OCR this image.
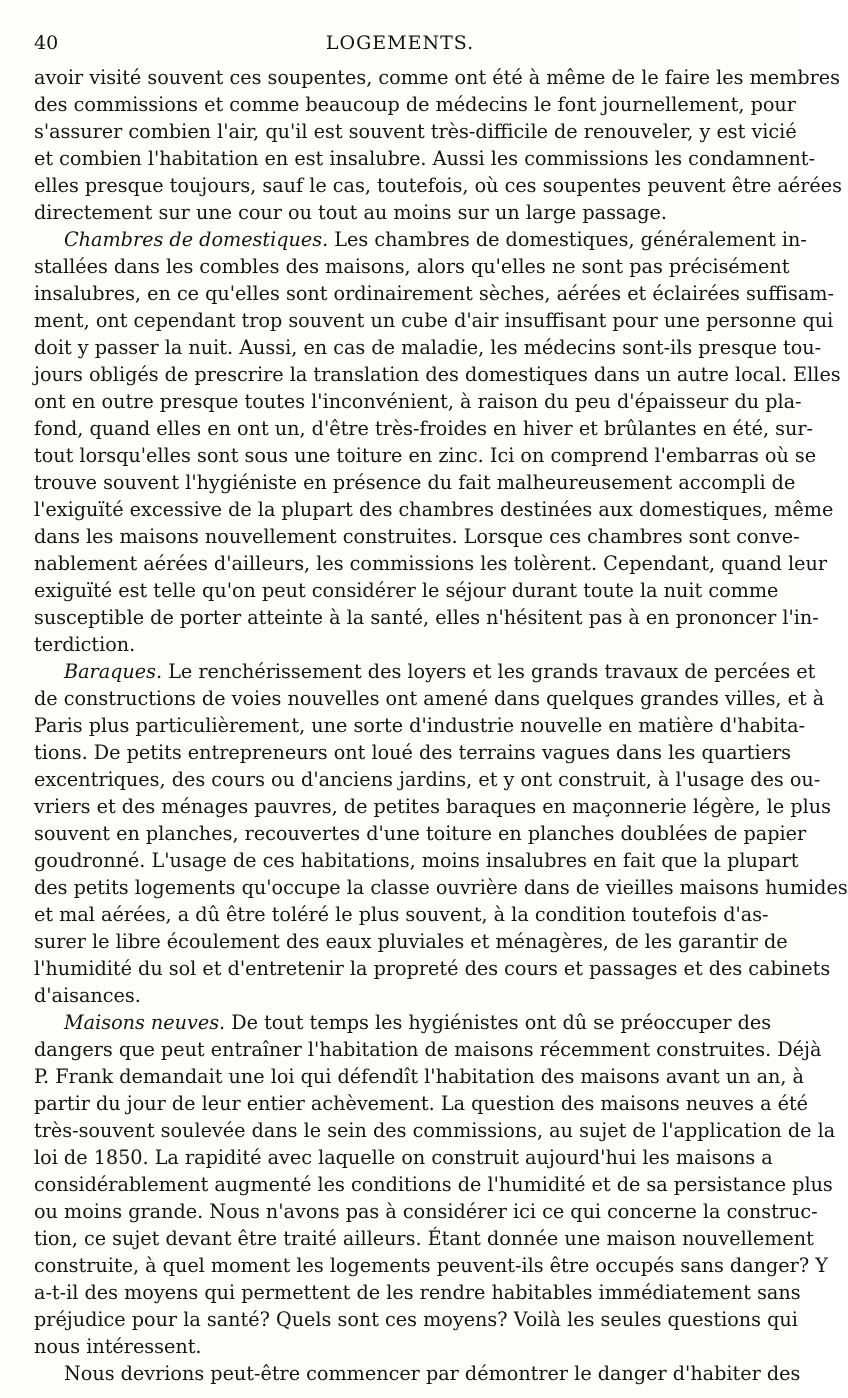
40	LOGEMENTS.
avoir visité souvent ces soupentes, comme ont été à même de le faire les membres
des commissions et comme beaucoup de médecins le font journellement, pour
s'assurer combien l'air, qu'il est souvent très-difficile de renouveler, y est vicié
et combien l'habitation en est insalubre. Aussi les commissions les condamnent-
elles presque toujours, sauf le cas, toutefois, où ces soupentes peuvent être aérées
directement sur une cour ou tout au moins sur un large passage.
Chambres de domestiques. Les chambres de domestiques, généralement in-
stallées dans les combles des maisons, alors qu'elles ne sont pas précisément
insalubres, en ce qu'elles sont ordinairement sèches, aérées et éclairées suffisam-
ment, ont cependant trop souvent un cube d'air insuffisant pour une personne qui
doit y passer la nuit. Aussi, en cas de maladie, les médecins sont-ils presque tou-
jours obligés de prescrire la translation des domestiques dans un autre local. Elles
ont en outre presque toutes l'inconvénient, à raison du peu d'épaisseur du pla-
fond, quand elles en ont un, d'être très-froides en hiver et brûlantes en été, sur-
tout lorsqu'elles sont sous une toiture en zinc. Ici on comprend l'embarras où se
trouve souvent l'hygiéniste en présence du fait malheureusement accompli de
l'exiguïté excessive de la plupart des chambres destinées aux domestiques, même
dans les maisons nouvellement construites. Lorsque ces chambres sont conve-
nablement aérées d'ailleurs, les commissions les tolèrent. Cependant, quand leur
exiguïté est telle qu'on peut considérer le séjour durant toute la nuit comme
susceptible de porter atteinte à la santé, elles n'hésitent pas à en prononcer l'in-
terdiction.
Baraques. Le renchérissement des loyers et les grands travaux de percées et
de constructions de voies nouvelles ont amené dans quelques grandes villes, et à
Paris plus particulièrement, une sorte d'industrie nouvelle en matière d'habita-
tions. De petits entrepreneurs ont loué des terrains vagues dans les quartiers
excentriques, des cours ou d'anciens jardins, et y ont construit, à l'usage des ou-
vriers et des ménages pauvres, de petites baraques en maçonnerie légère, le plus
souvent en planches, recouvertes d'une toiture en planches doublées de papier
goudronné. L'usage de ces habitations, moins insalubres en fait que la plupart
des petits logements qu'occupe la classe ouvrière dans de vieilles maisons humides
et mal aérées, a dû être toléré le plus souvent, à la condition toutefois d'as-
surer le libre écoulement des eaux pluviales et ménagères, de les garantir de
l'humidité du sol et d'entretenir la propreté des cours et passages et des cabinets
d'aisances.
Maisons neuves. De tout temps les hygiénistes ont dû se préoccuper des
dangers que peut entraîner l'habitation de maisons récemment construites. Déjà
P. Frank demandait une loi qui défendît l'habitation des maisons avant un an, à
partir du jour de leur entier achèvement. La question des maisons neuves a été
très-souvent soulevée dans le sein des commissions, au sujet de l'application de la
loi de 1850. La rapidité avec laquelle on construit aujourd'hui les maisons a
considérablement augmenté les conditions de l'humidité et de sa persistance plus
ou moins grande. Nous n'avons pas à considérer ici ce qui concerne la construc-
tion, ce sujet devant être traité ailleurs. Étant donnée une maison nouvellement
construite, à quel moment les logements peuvent-ils être occupés sans danger? Y
a-t-il des moyens qui permettent de les rendre habitables immédiatement sans
préjudice pour la santé? Quels sont ces moyens? Voilà les seules questions qui
nous intéressent.
Nous devrions peut-être commencer par démontrer le danger d'habiter des
